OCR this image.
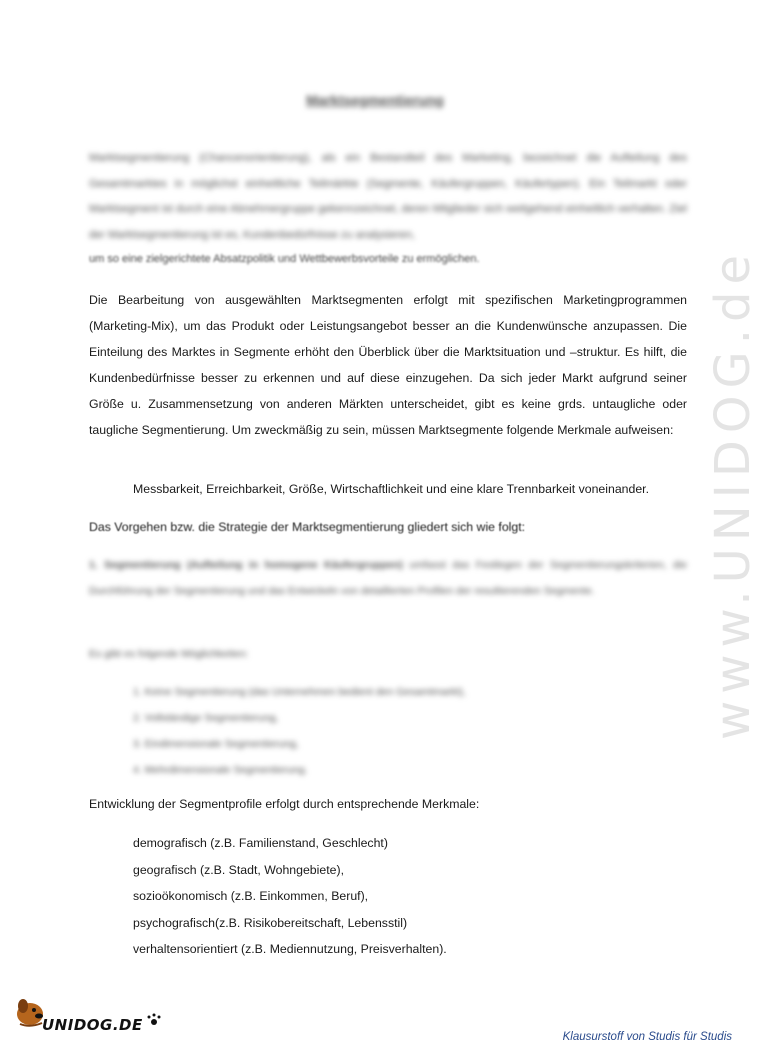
www.UNIDOG.de
Marktsegmentierung
Marktsegmentierung (Chancenorientierung), als ein Bestandteil des Marketing, bezeichnet die Aufteilung des Gesamtmarktes in möglichst einheitliche Teilmärkte (Segmente, Käufergruppen, Käufertypen). Ein Teilmarkt oder Marktsegment ist durch eine Abnehmergruppe gekennzeichnet, deren Mitglieder sich weitgehend einheitlich verhalten. Ziel der Marktsegmentierung ist es, Kundenbedürfnisse zu analysieren,
um so eine zielgerichtete Absatzpolitik und Wettbewerbsvorteile zu ermöglichen.
Die Bearbeitung von ausgewählten Marktsegmenten erfolgt mit spezifischen Marketingprogrammen (Marketing-Mix), um das Produkt oder Leistungsangebot besser an die Kundenwünsche anzupassen. Die Einteilung des Marktes in Segmente erhöht den Überblick über die Marktsituation und –struktur. Es hilft, die Kundenbedürfnisse besser zu erkennen und auf diese einzugehen. Da sich jeder Markt aufgrund seiner Größe u. Zusammensetzung von anderen Märkten unterscheidet, gibt es keine grds. untaugliche oder taugliche Segmentierung. Um zweckmäßig zu sein, müssen Marktsegmente folgende Merkmale aufweisen:
Messbarkeit, Erreichbarkeit, Größe, Wirtschaftlichkeit und eine klare Trennbarkeit voneinander.
Das Vorgehen bzw. die Strategie der Marktsegmentierung gliedert sich wie folgt:
1. Segmentierung (Aufteilung in homogene Käufergruppen) umfasst das Festlegen der Segmentierungskriterien, die Durchführung der Segmentierung und das Entwickeln von detaillierten Profilen der resultierenden Segmente.
Es gibt es folgende Möglichkeiten:
1. Keine Segmentierung (das Unternehmen bedient den Gesamtmarkt),
2. Vollständige Segmentierung,
3. Eindimensionale Segmentierung,
4. Mehrdimensionale Segmentierung.
Entwicklung der Segmentprofile erfolgt durch entsprechende Merkmale:
demografisch (z.B. Familienstand, Geschlecht)
geografisch (z.B. Stadt, Wohngebiete),
sozioökonomisch (z.B. Einkommen, Beruf),
psychografisch(z.B. Risikobereitschaft, Lebensstil)
verhaltensorientiert (z.B. Mediennutzung, Preisverhalten).
UNIDOG.DE
Klausurstoff von Studis für Studis
